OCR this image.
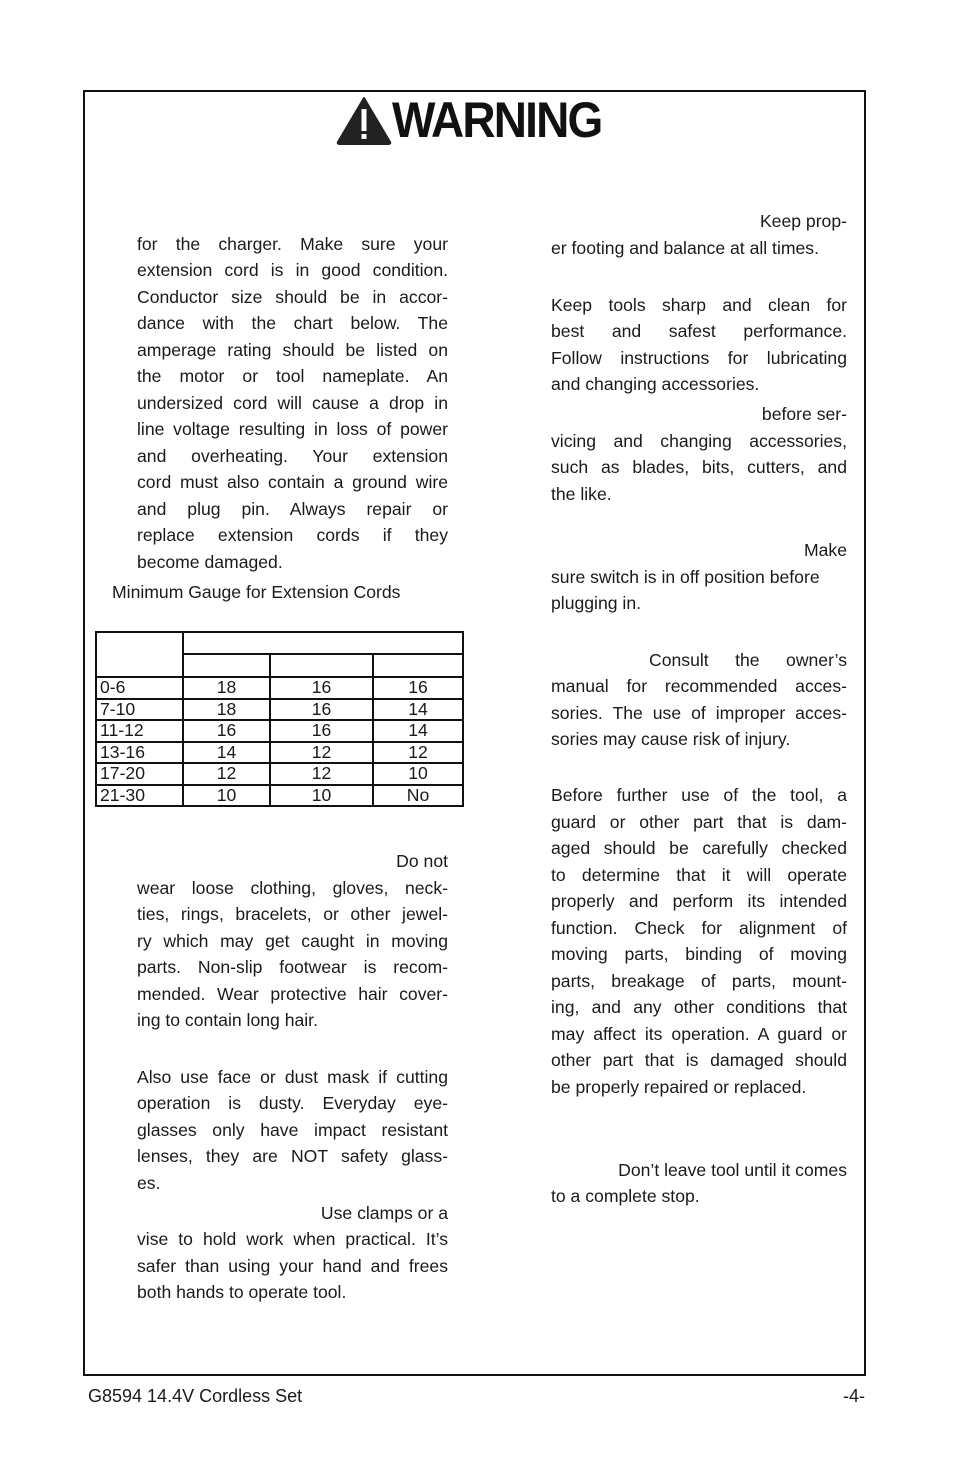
WARNING
for the charger. Make sure your
extension cord is in good condition.
Conductor size should be in accor-
dance with the chart below. The
amperage rating should be listed on
the motor or tool nameplate. An
undersized cord will cause a drop in
line voltage resulting in loss of power
and overheating. Your extension
cord must also contain a ground wire
and plug pin. Always repair or
replace extension cords if they
become damaged.
Minimum Gauge for Extension Cords

0-6	18	16	16
7-10	18	16	14
11-12	16	16	14
13-16	14	12	12
17-20	12	12	10
21-30	10	10	No
Do not
wear loose clothing, gloves, neck-
ties, rings, bracelets, or other jewel-
ry which may get caught in moving
parts. Non-slip footwear is recom-
mended. Wear protective hair cover-
ing to contain long hair.
Also use face or dust mask if cutting
operation is dusty. Everyday eye-
glasses only have impact resistant
lenses, they are NOT safety glass-
es.
Use clamps or a
vise to hold work when practical. It’s
safer than using your hand and frees
both hands to operate tool.
Keep prop-
er footing and balance at all times.
Keep tools sharp and clean for
best and safest performance.
Follow instructions for lubricating
and changing accessories.
before ser-
vicing and changing accessories,
such as blades, bits, cutters, and
the like.
Make
sure switch is in off position before
plugging in.
Consult the owner’s
manual for recommended acces-
sories. The use of improper acces-
sories may cause risk of injury.
Before further use of the tool, a
guard or other part that is dam-
aged should be carefully checked
to determine that it will operate
properly and perform its intended
function. Check for alignment of
moving parts, binding of moving
parts, breakage of parts, mount-
ing, and any other conditions that
may affect its operation. A guard or
other part that is damaged should
be properly repaired or replaced.
Don’t leave tool until it comes
to a complete stop.
G8594 14.4V Cordless Set	-4-
